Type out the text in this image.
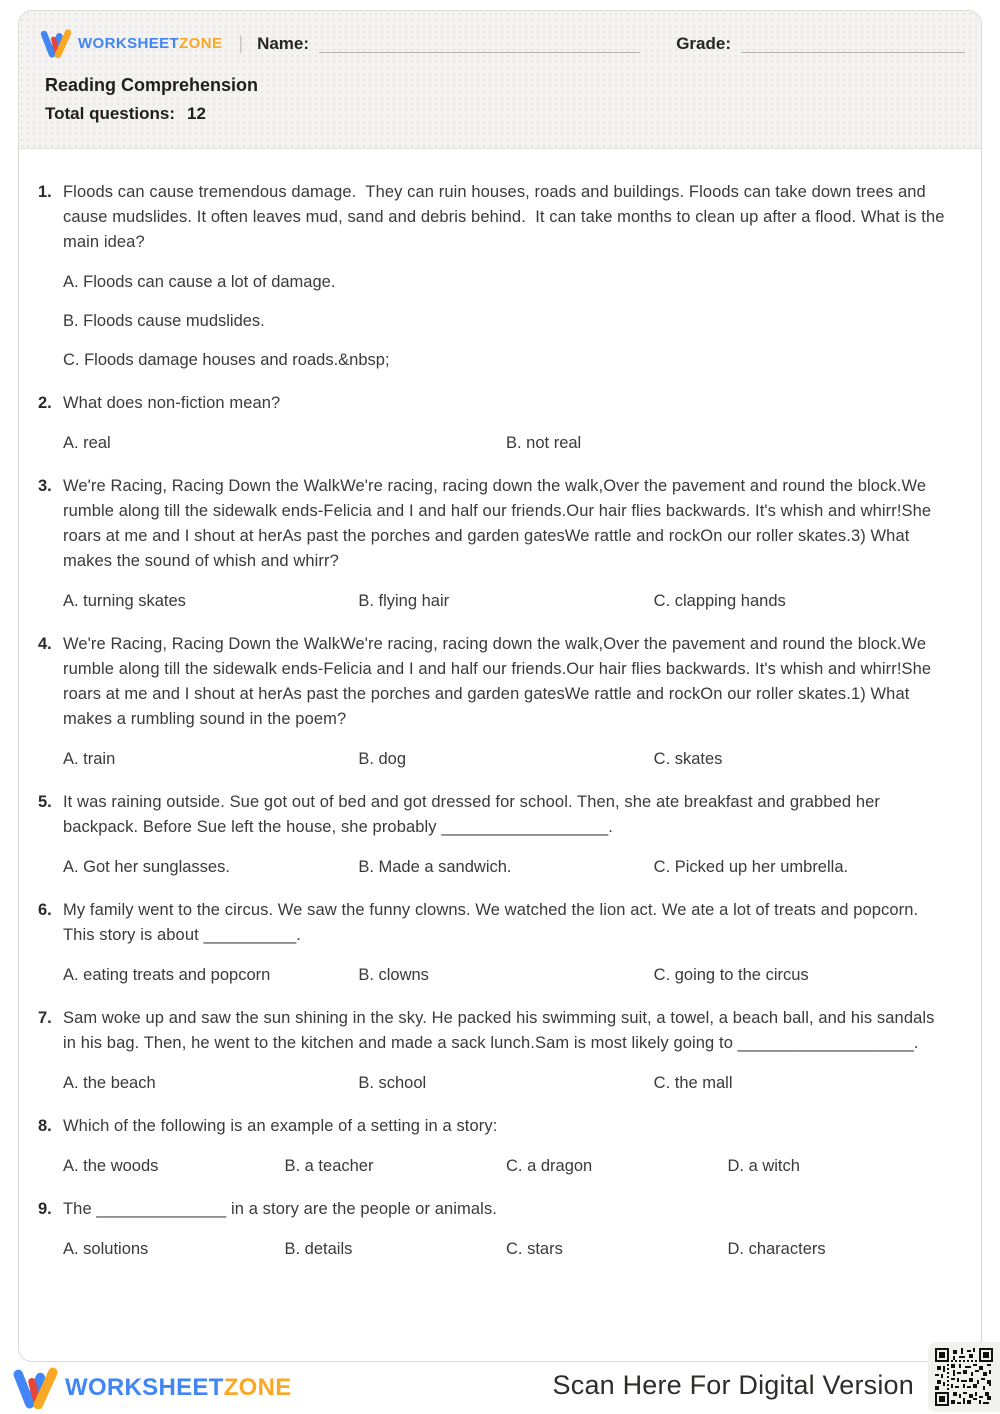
WORKSHEETZONE | Name:	Grade:
Reading Comprehension
Total questions: 12
1. Floods can cause tremendous damage.  They can ruin houses, roads and buildings. Floods can take down trees and cause mudslides. It often leaves mud, sand and debris behind.  It can take months to clean up after a flood. What is the main idea?
A. Floods can cause a lot of damage.
B. Floods cause mudslides.
C. Floods damage houses and roads.&nbsp;
2. What does non-fiction mean?
A. real	B. not real
3. We're Racing, Racing Down the WalkWe're racing, racing down the walk,Over the pavement and round the block.We rumble along till the sidewalk ends-Felicia and I and half our friends.Our hair flies backwards. It's whish and whirr!She roars at me and I shout at herAs past the porches and garden gatesWe rattle and rockOn our roller skates.3) What makes the sound of whish and whirr?
A. turning skates	B. flying hair	C. clapping hands
4. We're Racing, Racing Down the WalkWe're racing, racing down the walk,Over the pavement and round the block.We rumble along till the sidewalk ends-Felicia and I and half our friends.Our hair flies backwards. It's whish and whirr!She roars at me and I shout at herAs past the porches and garden gatesWe rattle and rockOn our roller skates.1) What makes a rumbling sound in the poem?
A. train	B. dog	C. skates
5. It was raining outside. Sue got out of bed and got dressed for school. Then, she ate breakfast and grabbed her backpack. Before Sue left the house, she probably __________________.
A. Got her sunglasses.	B. Made a sandwich.	C. Picked up her umbrella.
6. My family went to the circus. We saw the funny clowns. We watched the lion act. We ate a lot of treats and popcorn. This story is about __________.
A. eating treats and popcorn	B. clowns	C. going to the circus
7. Sam woke up and saw the sun shining in the sky. He packed his swimming suit, a towel, a beach ball, and his sandals in his bag. Then, he went to the kitchen and made a sack lunch.Sam is most likely going to ___________________.
A. the beach	B. school	C. the mall
8. Which of the following is an example of a setting in a story:
A. the woods	B. a teacher	C. a dragon	D. a witch
9. The ______________ in a story are the people or animals.
A. solutions	B. details	C. stars	D. characters
WORKSHEETZONE	Scan Here For Digital Version
